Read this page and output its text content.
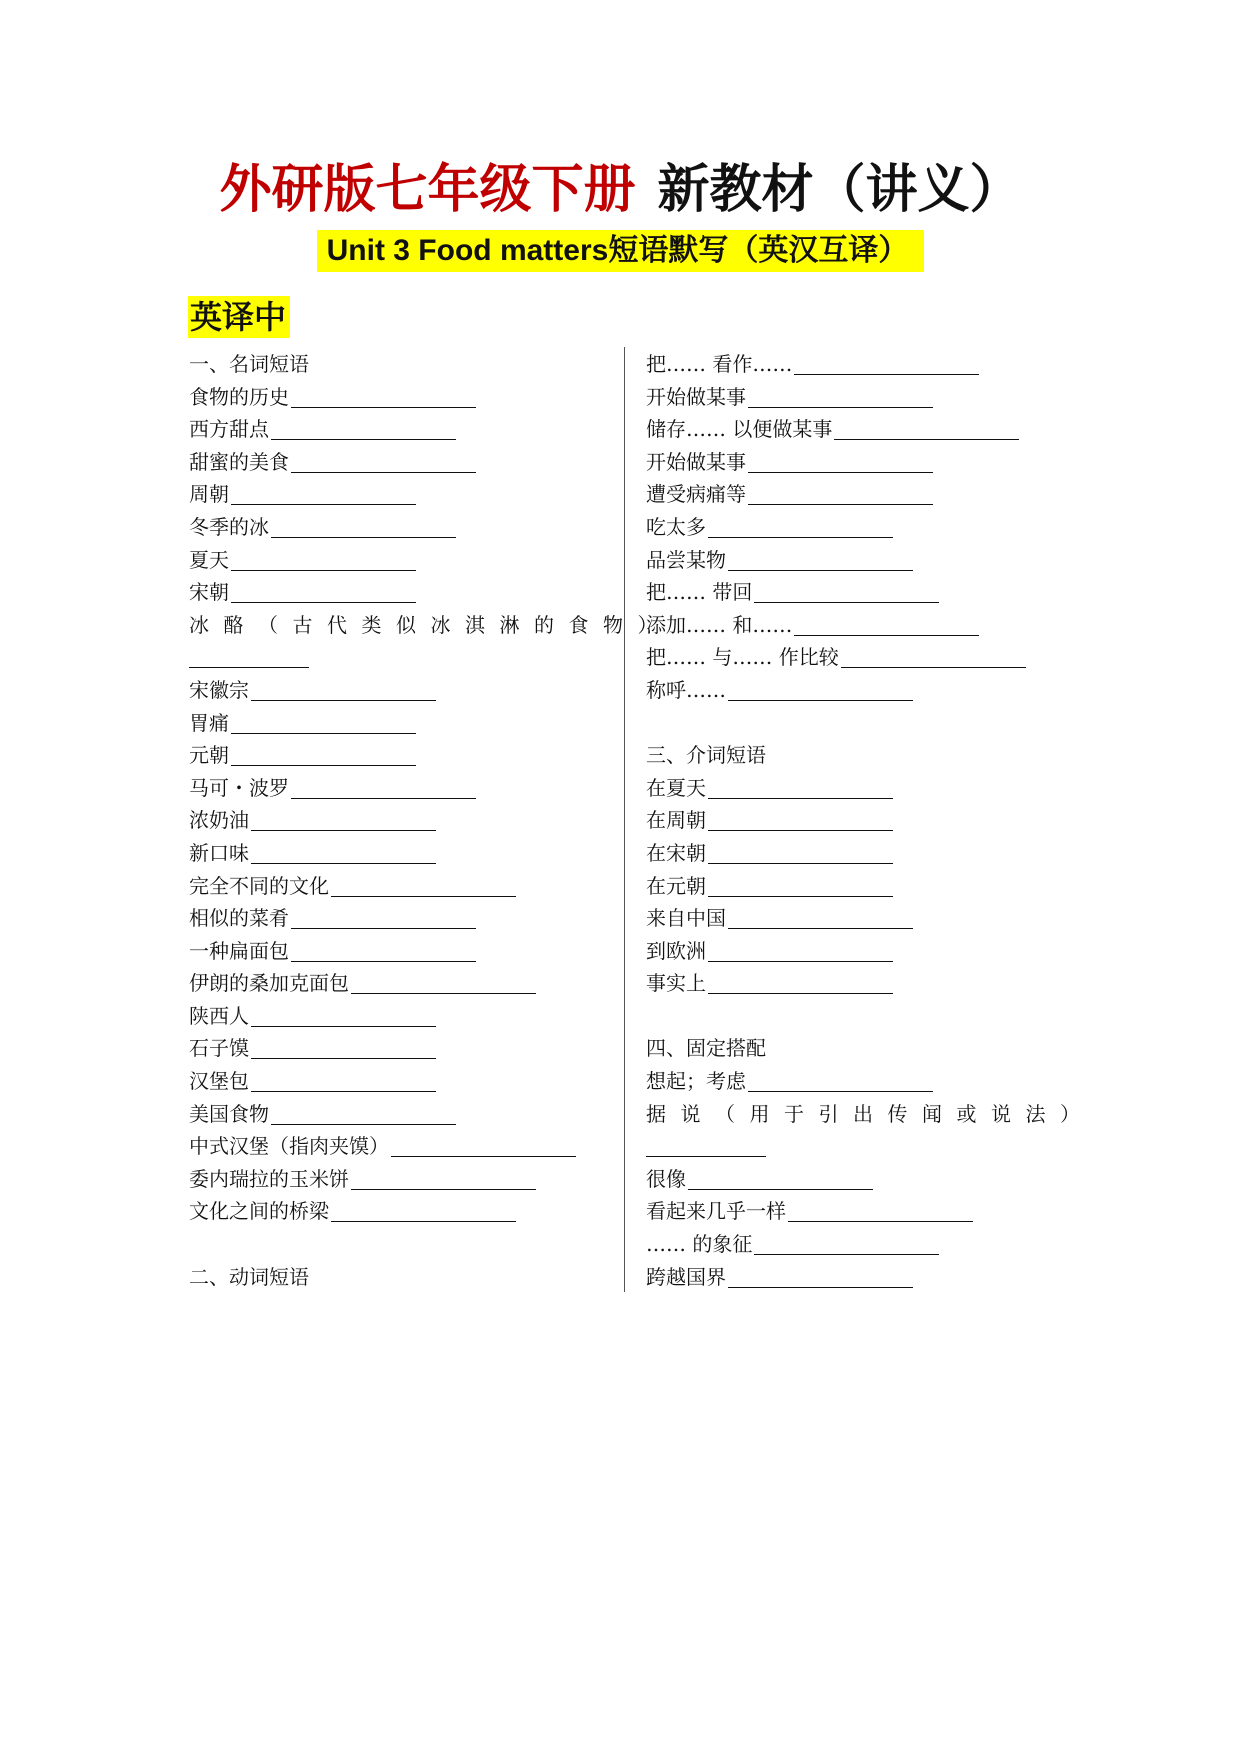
外研版七年级下册 新教材（讲义）
Unit 3 Food matters短语默写（英汉互译）
英译中
一、名词短语
食物的历史
西方甜点
甜蜜的美食
周朝
冬季的冰
夏天
宋朝
冰酪（古代类似冰淇淋的食物）
宋徽宗
胃痛
元朝
马可・波罗
浓奶油
新口味
完全不同的文化
相似的菜肴
一种扁面包
伊朗的桑加克面包
陕西人
石子馍
汉堡包
美国食物
中式汉堡（指肉夹馍）
委内瑞拉的玉米饼
文化之间的桥梁
二、动词短语
把…… 看作……
开始做某事
储存…… 以便做某事
开始做某事
遭受病痛等
吃太多
品尝某物
把…… 带回
添加…… 和……
把…… 与…… 作比较
称呼……
三、介词短语
在夏天
在周朝
在宋朝
在元朝
来自中国
到欧洲
事实上
四、固定搭配
想起；考虑
据说（用于引出传闻或说法）
很像
看起来几乎一样
…… 的象征
跨越国界
